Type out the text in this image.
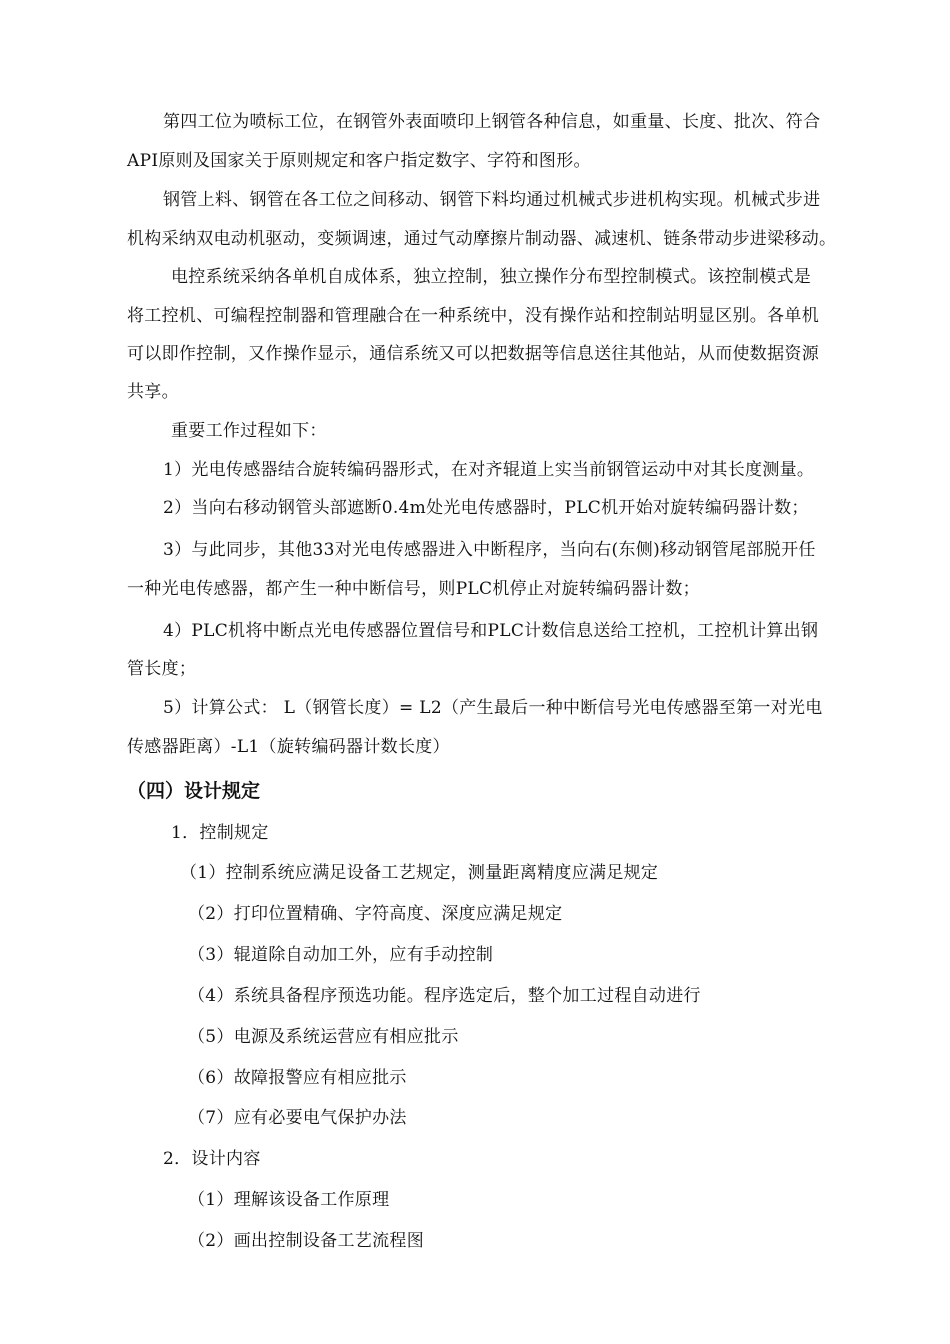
第四工位为喷标工位，在钢管外表面喷印上钢管各种信息，如重量、长度、批次、符合
API原则及国家关于原则规定和客户指定数字、字符和图形。
钢管上料、钢管在各工位之间移动、钢管下料均通过机械式步进机构实现。机械式步进
机构采纳双电动机驱动，变频调速，通过气动摩擦片制动器、减速机、链条带动步进梁移动。
电控系统采纳各单机自成体系，独立控制，独立操作分布型控制模式。该控制模式是
将工控机、可编程控制器和管理融合在一种系统中，没有操作站和控制站明显区别。各单机
可以即作控制，又作操作显示，通信系统又可以把数据等信息送往其他站，从而使数据资源
共享。
重要工作过程如下：
1）光电传感器结合旋转编码器形式，在对齐辊道上实当前钢管运动中对其长度测量。
2）当向右移动钢管头部遮断0.4m处光电传感器时，PLC机开始对旋转编码器计数；
3）与此同步，其他33对光电传感器进入中断程序，当向右(东侧)移动钢管尾部脱开任
一种光电传感器，都产生一种中断信号，则PLC机停止对旋转编码器计数；
4）PLC机将中断点光电传感器位置信号和PLC计数信息送给工控机，工控机计算出钢
管长度；
5）计算公式： L（钢管长度）= L2（产生最后一种中断信号光电传感器至第一对光电
传感器距离）-L1（旋转编码器计数长度）
（四）设计规定
1．控制规定
（1）控制系统应满足设备工艺规定，测量距离精度应满足规定
（2）打印位置精确、字符高度、深度应满足规定
（3）辊道除自动加工外，应有手动控制
（4）系统具备程序预选功能。程序选定后，整个加工过程自动进行
（5）电源及系统运营应有相应批示
（6）故障报警应有相应批示
（7）应有必要电气保护办法
2．设计内容
（1）理解该设备工作原理
（2）画出控制设备工艺流程图
